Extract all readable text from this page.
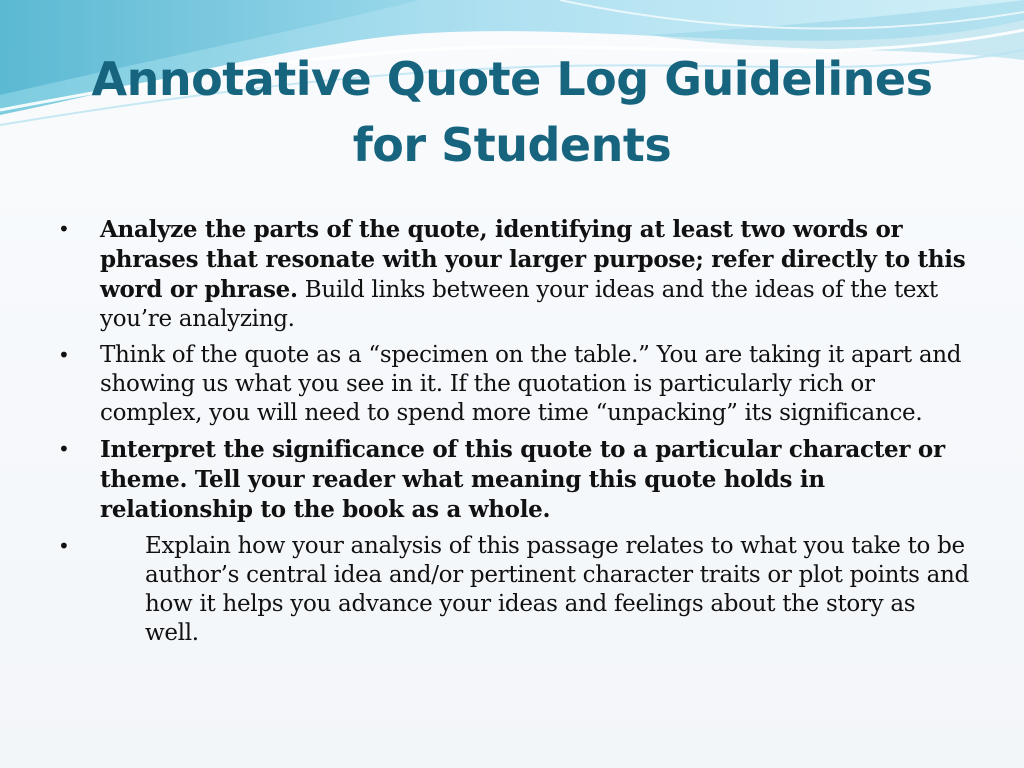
Annotative Quote Log Guidelines
for Students
• Analyze the parts of the quote, identifying at least two words or phrases that resonate with your larger purpose; refer directly to this word or phrase. Build links between your ideas and the ideas of the text you’re analyzing.
• Think of the quote as a “specimen on the table.” You are taking it apart and showing us what you see in it. If the quotation is particularly rich or complex, you will need to spend more time “unpacking” its significance.
• Interpret the significance of this quote to a particular character or theme. Tell your reader what meaning this quote holds in relationship to the book as a whole.
•	Explain how your analysis of this passage relates to what you take to be author’s central idea and/or pertinent character traits or plot points and how it helps you advance your ideas and feelings about the story as well.
